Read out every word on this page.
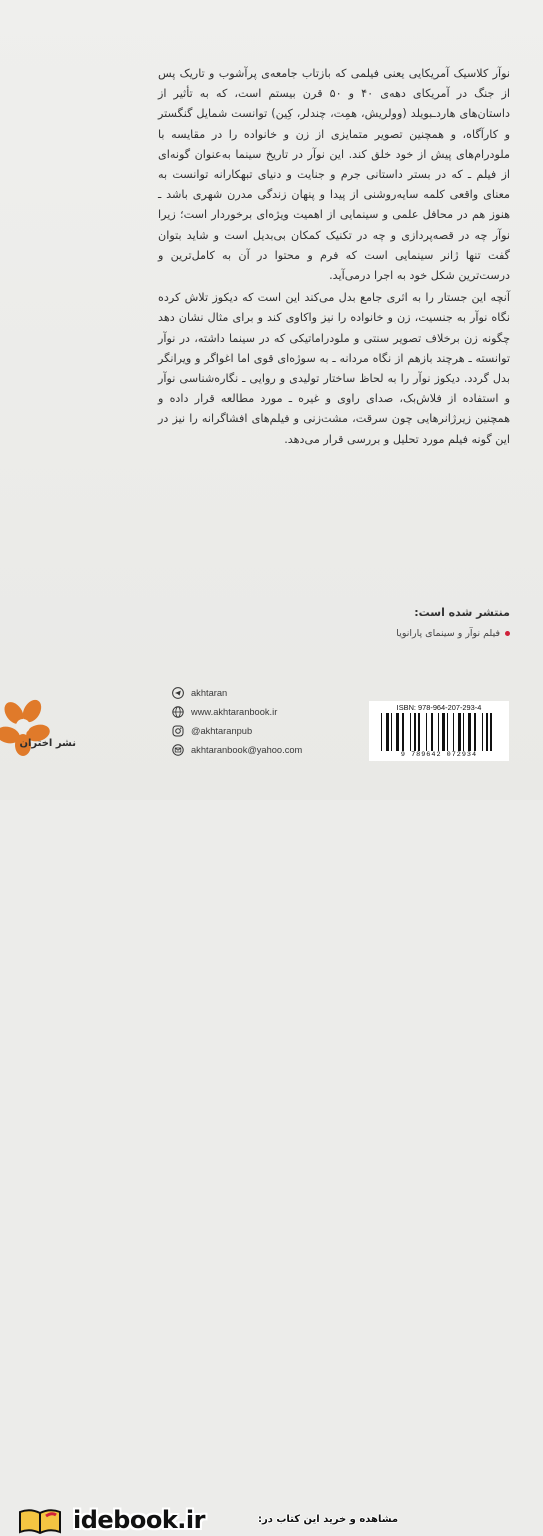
نوآر کلاسیک آمریکایی یعنی فیلمی که بازتاب جامعه‌ی پرآشوب و تاریک پس از جنگ در آمریکای دهه‌ی ۴۰ و ۵۰ قرن بیستم است، که به تأثیر از داستان‌های هاردـبویلد (وولریش، همِت، چندلر، کِین) توانست شمایل گنگستر و کارآگاه، و همچنین تصویر متمایزی از زن و خانواده را در مقایسه با ملودرام‌های پیش از خود خلق کند. این نوآر در تاریخ سینما به‌عنوان گونه‌ای از فیلم ـ که در بستر داستانی جرم و جنایت و دنیای تبهکارانه توانست به معنای واقعی کلمه سایه‌روشنی از پیدا و پنهان زندگی مدرن شهری باشد ـ هنوز هم در محافل علمی و سینمایی از اهمیت ویژه‌ای برخوردار است؛ زیرا نوآر چه در قصه‌پردازی و چه در تکنیک کمکان بی‌بدیل است و شاید بتوان گفت تنها ژانر سینمایی است که فرم و محتوا در آن به کامل‌ترین و درست‌ترین شکل خود به اجرا درمی‌آید.

آنچه این جستار را به اثری جامع بدل می‌کند این است که دیکوز تلاش کرده نگاه نوآر به جنسیت، زن و خانواده را نیز واکاوی کند و برای مثال نشان دهد چگونه زن برخلاف تصویر سنتی و ملودراماتیکی که در سینما داشته، در نوآر توانسته ـ هرچند بازهم از نگاه مردانه ـ به سوژه‌ای قوی اما اغواگر و ویرانگر بدل گردد. دیکوز نوآر را به لحاظ ساختار تولیدی و روایی ـ نگاره‌شناسی نوآر و استفاده از فلاش‌بک، صدای راوی و غیره ـ مورد مطالعه قرار داده و همچنین زیرژانرهایی چون سرقت، مشت‌زنی و فیلم‌های افشاگرانه را نیز در این گونه فیلم مورد تحلیل و بررسی قرار می‌دهد.

منتشر شده است:
فیلم نوآر و سینمای پارانویا
akhtaran
www.akhtaranbook.ir
@akhtaranpub
akhtaranbook@yahoo.com
ISBN: 978-964-207-293-4
9 789642 072934
نشر اختران
idebook.ir	مشاهده و خرید این کتاب در:
